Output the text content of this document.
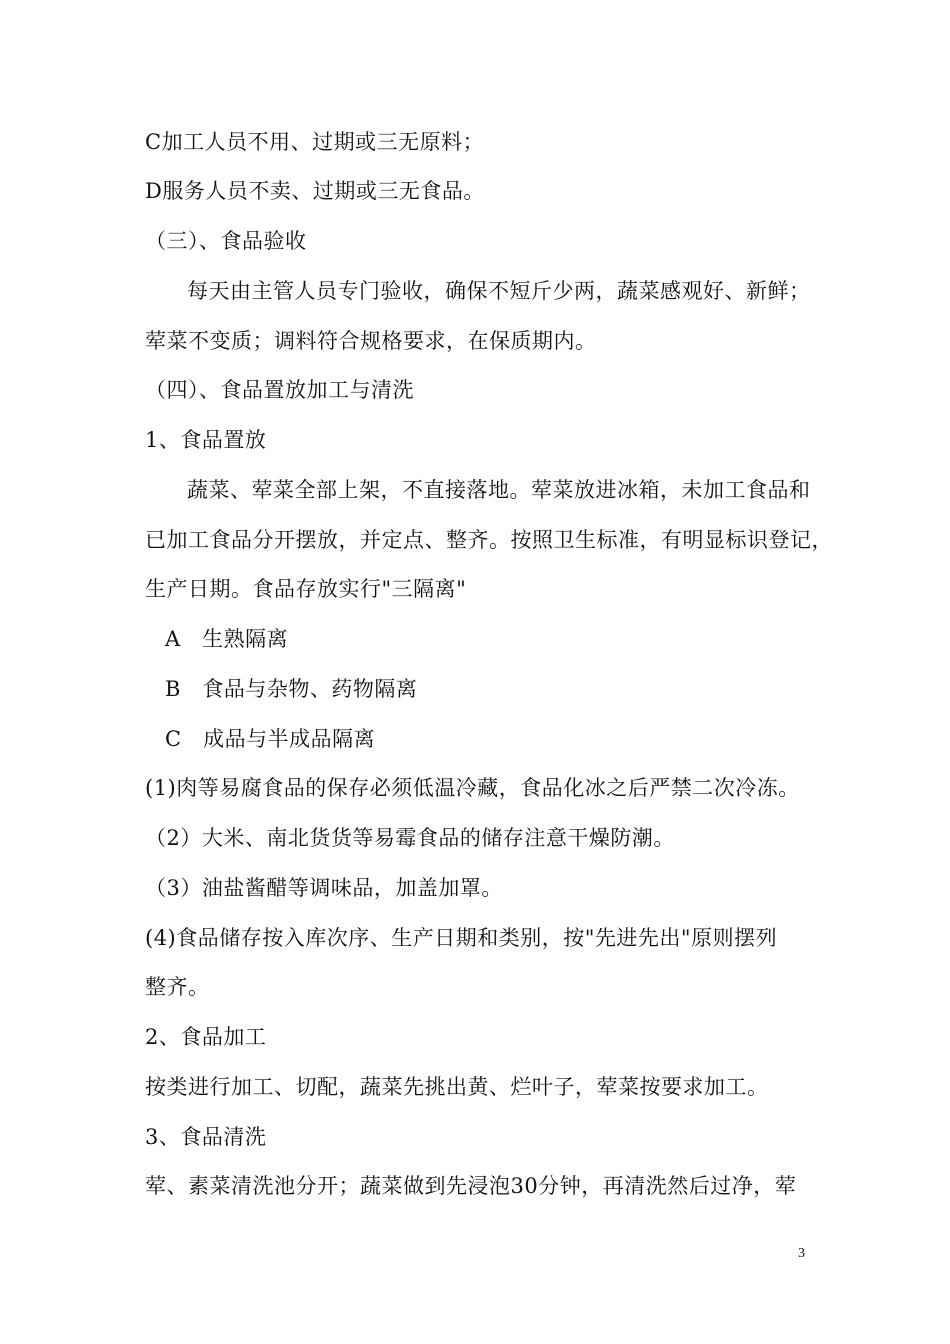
C加工人员不用、过期或三无原料；
D服务人员不卖、过期或三无食品。
（三）、食品验收
每天由主管人员专门验收，确保不短斤少两，蔬菜感观好、新鲜；
荤菜不变质；调料符合规格要求，在保质期内。
（四）、食品置放加工与清洗
1、食品置放
蔬菜、荤菜全部上架，不直接落地。荤菜放进冰箱，未加工食品和
已加工食品分开摆放，并定点、整齐。按照卫生标准，有明显标识登记，
生产日期。食品存放实行"三隔离"
A　生熟隔离
B　食品与杂物、药物隔离
C　成品与半成品隔离
(1)肉等易腐食品的保存必须低温冷藏，食品化冰之后严禁二次冷冻。
（2）大米、南北货货等易霉食品的储存注意干燥防潮。
（3）油盐酱醋等调味品，加盖加罩。
(4)食品储存按入库次序、生产日期和类别，按"先进先出"原则摆列
整齐。
2、食品加工
按类进行加工、切配，蔬菜先挑出黄、烂叶子，荤菜按要求加工。
3、食品清洗
荤、素菜清洗池分开；蔬菜做到先浸泡30分钟，再清洗然后过净，荤
3
